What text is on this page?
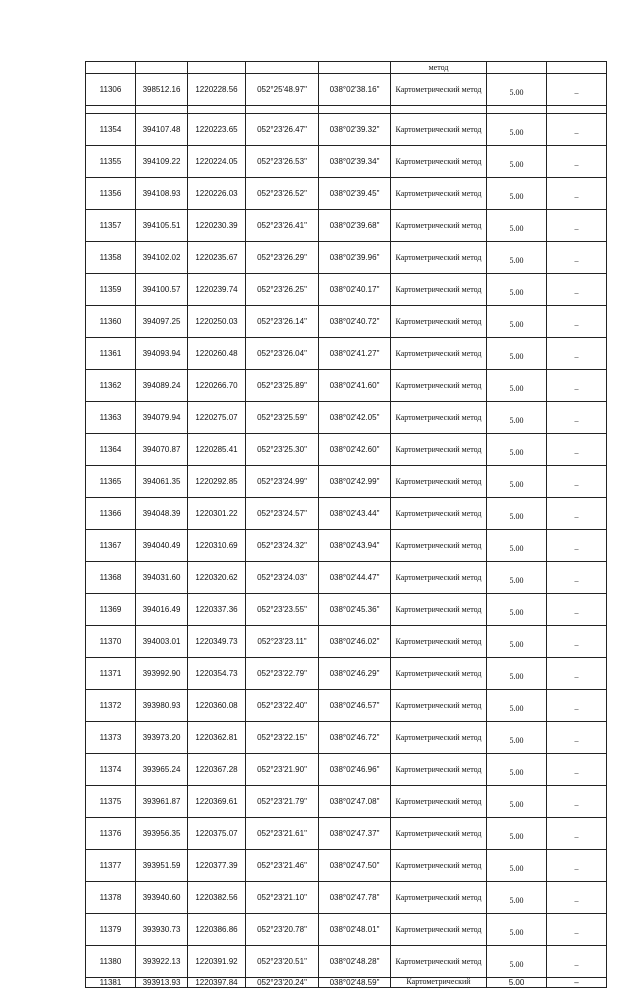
					метод		
11306	398512.16	1220228.56	052°25'48.97"	038°02'38.16"	Картометрический метод	5.00	–

11354	394107.48	1220223.65	052°23'26.47"	038°02'39.32"	Картометрический метод	5.00	–
11355	394109.22	1220224.05	052°23'26.53"	038°02'39.34"	Картометрический метод	5.00	–
11356	394108.93	1220226.03	052°23'26.52"	038°02'39.45"	Картометрический метод	5.00	–
11357	394105.51	1220230.39	052°23'26.41"	038°02'39.68"	Картометрический метод	5.00	–
11358	394102.02	1220235.67	052°23'26.29"	038°02'39.96"	Картометрический метод	5.00	–
11359	394100.57	1220239.74	052°23'26.25"	038°02'40.17"	Картометрический метод	5.00	–
11360	394097.25	1220250.03	052°23'26.14"	038°02'40.72"	Картометрический метод	5.00	–
11361	394093.94	1220260.48	052°23'26.04"	038°02'41.27"	Картометрический метод	5.00	–
11362	394089.24	1220266.70	052°23'25.89"	038°02'41.60"	Картометрический метод	5.00	–
11363	394079.94	1220275.07	052°23'25.59"	038°02'42.05"	Картометрический метод	5.00	–
11364	394070.87	1220285.41	052°23'25.30"	038°02'42.60"	Картометрический метод	5.00	–
11365	394061.35	1220292.85	052°23'24.99"	038°02'42.99"	Картометрический метод	5.00	–
11366	394048.39	1220301.22	052°23'24.57"	038°02'43.44"	Картометрический метод	5.00	–
11367	394040.49	1220310.69	052°23'24.32"	038°02'43.94"	Картометрический метод	5.00	–
11368	394031.60	1220320.62	052°23'24.03"	038°02'44.47"	Картометрический метод	5.00	–
11369	394016.49	1220337.36	052°23'23.55"	038°02'45.36"	Картометрический метод	5.00	–
11370	394003.01	1220349.73	052°23'23.11"	038°02'46.02"	Картометрический метод	5.00	–
11371	393992.90	1220354.73	052°23'22.79"	038°02'46.29"	Картометрический метод	5.00	–
11372	393980.93	1220360.08	052°23'22.40"	038°02'46.57"	Картометрический метод	5.00	–
11373	393973.20	1220362.81	052°23'22.15"	038°02'46.72"	Картометрический метод	5.00	–
11374	393965.24	1220367.28	052°23'21.90"	038°02'46.96"	Картометрический метод	5.00	–
11375	393961.87	1220369.61	052°23'21.79"	038°02'47.08"	Картометрический метод	5.00	–
11376	393956.35	1220375.07	052°23'21.61"	038°02'47.37"	Картометрический метод	5.00	–
11377	393951.59	1220377.39	052°23'21.46"	038°02'47.50"	Картометрический метод	5.00	–
11378	393940.60	1220382.56	052°23'21.10"	038°02'47.78"	Картометрический метод	5.00	–
11379	393930.73	1220386.86	052°23'20.78"	038°02'48.01"	Картометрический метод	5.00	–
11380	393922.13	1220391.92	052°23'20.51"	038°02'48.28"	Картометрический метод	5.00	–
11381	393913.93	1220397.84	052°23'20.24"	038°02'48.59"	Картометрический	5.00	–
